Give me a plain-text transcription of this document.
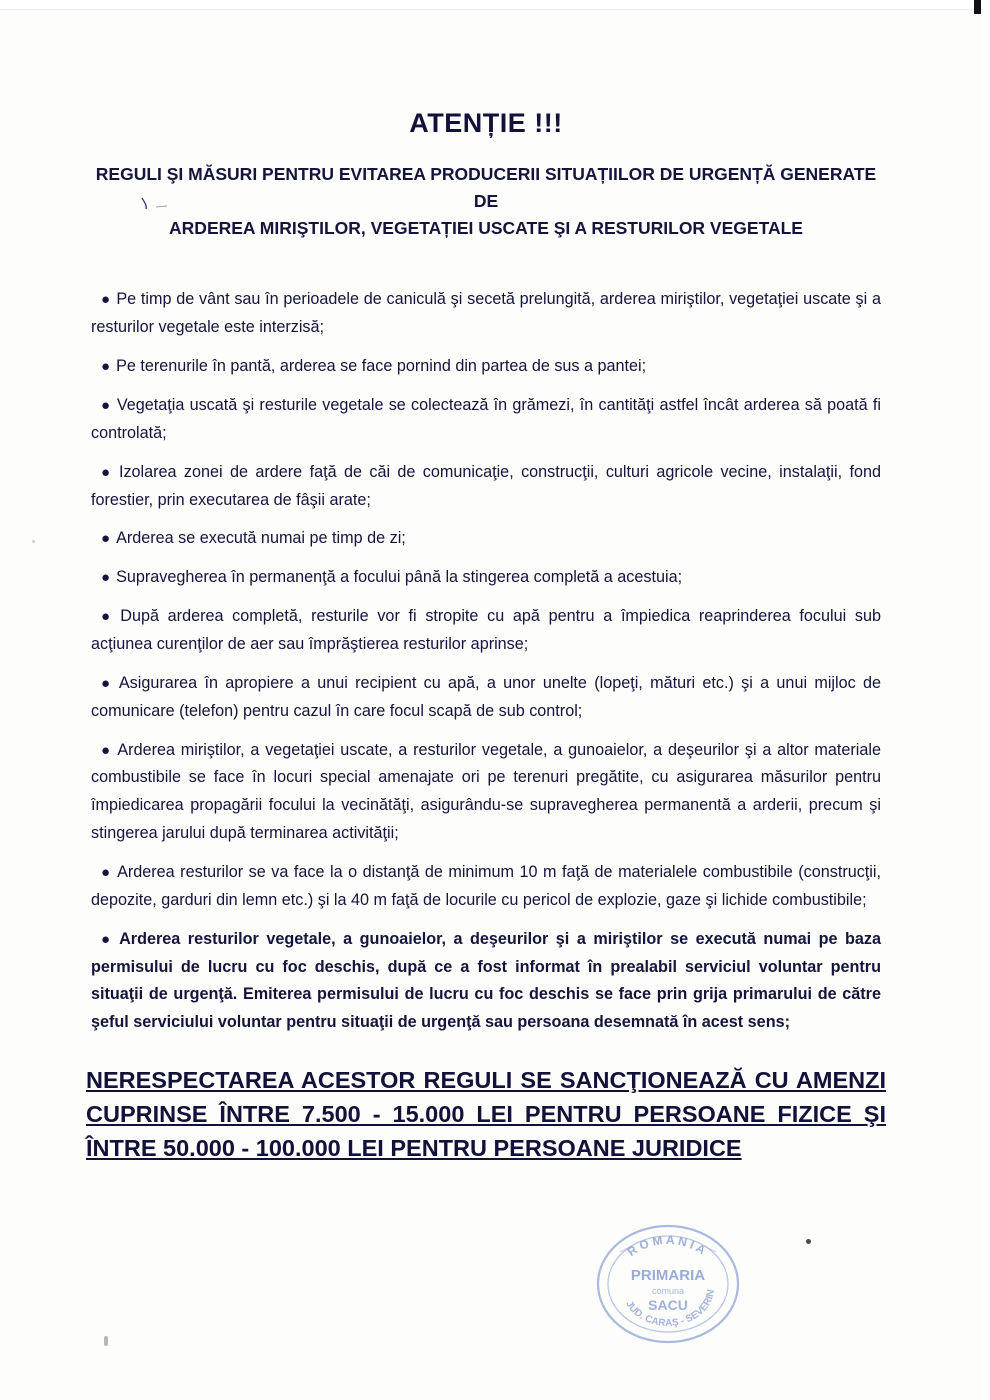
ATENȚIE !!!
REGULI ŞI MĂSURI PENTRU EVITAREA PRODUCERII SITUAȚIILOR DE URGENȚĂ GENERATE DE
ARDEREA MIRIŞTILOR, VEGETAȚIEI USCATE ŞI A RESTURILOR VEGETALE
● Pe timp de vânt sau în perioadele de caniculă şi secetă prelungită, arderea miriştilor, vegetaţiei uscate şi a resturilor vegetale este interzisă;
● Pe terenurile în pantă, arderea se face pornind din partea de sus a pantei;
● Vegetaţia uscată şi resturile vegetale se colectează în grămezi, în cantităţi astfel încât arderea să poată fi controlată;
● Izolarea zonei de ardere faţă de căi de comunicaţie, construcţii, culturi agricole vecine, instalaţii, fond forestier, prin executarea de fâşii arate;
● Arderea se execută numai pe timp de zi;
● Supravegherea în permanenţă a focului până la stingerea completă a acestuia;
● După arderea completă, resturile vor fi stropite cu apă pentru a împiedica reaprinderea focului sub acţiunea curenţilor de aer sau împrăştierea resturilor aprinse;
● Asigurarea în apropiere a unui recipient cu apă, a unor unelte (lopeţi, mături etc.) şi a unui mijloc de comunicare (telefon) pentru cazul în care focul scapă de sub control;
● Arderea miriştilor, a vegetaţiei uscate, a resturilor vegetale, a gunoaielor, a deşeurilor şi a altor materiale combustibile se face în locuri special amenajate ori pe terenuri pregătite, cu asigurarea măsurilor pentru împiedicarea propagării focului la vecinătăţi, asigurându-se supravegherea permanentă a arderii, precum şi stingerea jarului după terminarea activităţii;
● Arderea resturilor se va face la o distanţă de minimum 10 m faţă de materialele combustibile (construcţii, depozite, garduri din lemn etc.) şi la 40 m faţă de locurile cu pericol de explozie, gaze şi lichide combustibile;
● Arderea resturilor vegetale, a gunoaielor, a deşeurilor şi a miriştilor se execută numai pe baza permisului de lucru cu foc deschis, după ce a fost informat în prealabil serviciul voluntar pentru situaţii de urgenţă. Emiterea permisului de lucru cu foc deschis se face prin grija primarului de către şeful serviciului voluntar pentru situaţii de urgenţă sau persoana desemnată în acest sens;
NERESPECTAREA ACESTOR REGULI SE SANCŢIONEAZĂ CU AMENZI CUPRINSE ÎNTRE 7.500 - 15.000 LEI PENTRU PERSOANE FIZICE ŞI ÎNTRE 50.000 - 100.000 LEI PENTRU PERSOANE JURIDICE
R O M A N I A
JUD. CARAŞ - SEVERIN
PRIMARIA
comuna
SACU
